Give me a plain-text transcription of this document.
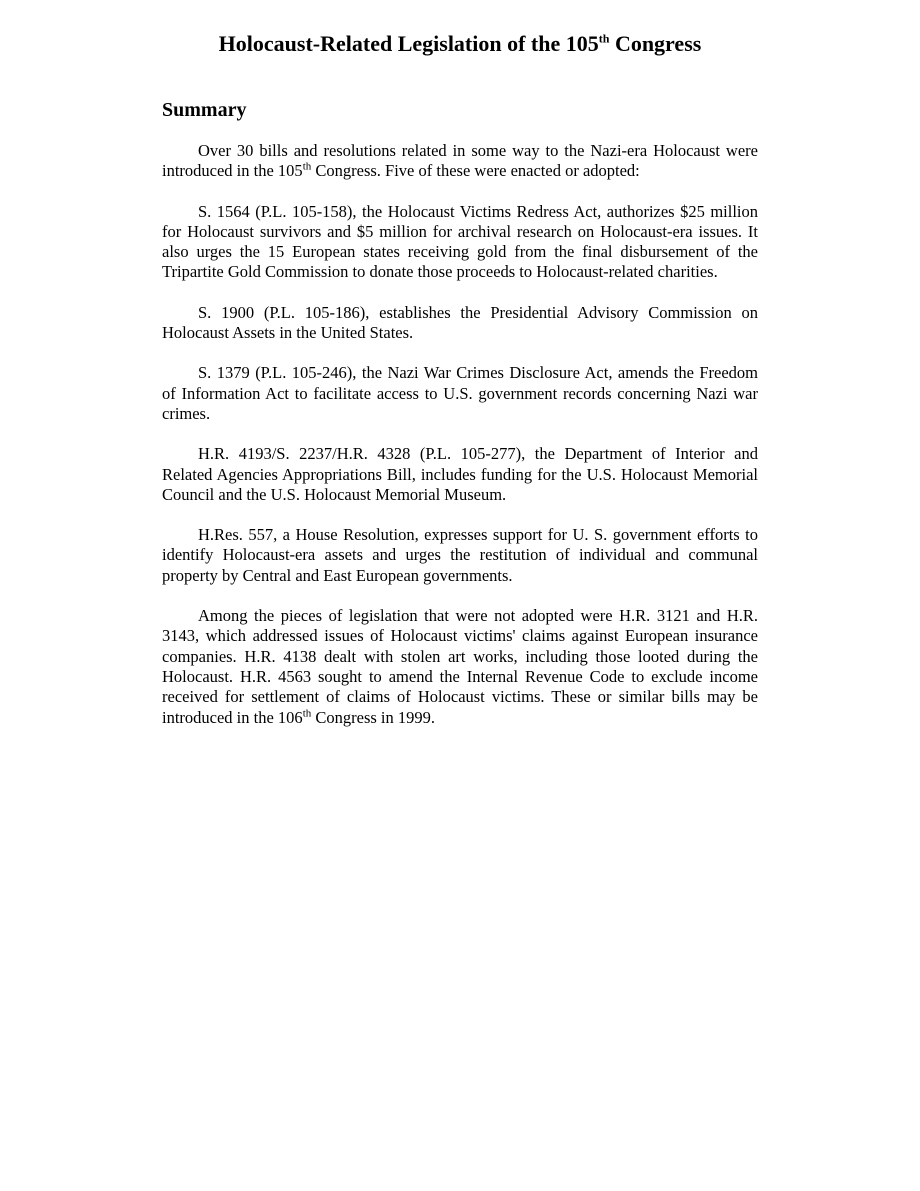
Holocaust-Related Legislation of the 105th Congress
Summary

Over 30 bills and resolutions related in some way to the Nazi-era Holocaust were introduced in the 105th Congress. Five of these were enacted or adopted:

S. 1564 (P.L. 105-158), the Holocaust Victims Redress Act, authorizes $25 million for Holocaust survivors and $5 million for archival research on Holocaust-era issues. It also urges the 15 European states receiving gold from the final disbursement of the Tripartite Gold Commission to donate those proceeds to Holocaust-related charities.

S. 1900 (P.L. 105-186), establishes the Presidential Advisory Commission on Holocaust Assets in the United States.

S. 1379 (P.L. 105-246), the Nazi War Crimes Disclosure Act, amends the Freedom of Information Act to facilitate access to U.S. government records concerning Nazi war crimes.

H.R. 4193/S. 2237/H.R. 4328 (P.L. 105-277), the Department of Interior and Related Agencies Appropriations Bill, includes funding for the U.S. Holocaust Memorial Council and the U.S. Holocaust Memorial Museum.

H.Res. 557, a House Resolution, expresses support for U. S. government efforts to identify Holocaust-era assets and urges the restitution of individual and communal property by Central and East European governments.

Among the pieces of legislation that were not adopted were H.R. 3121 and H.R. 3143, which addressed issues of Holocaust victims' claims against European insurance companies. H.R. 4138 dealt with stolen art works, including those looted during the Holocaust. H.R. 4563 sought to amend the Internal Revenue Code to exclude income received for settlement of claims of Holocaust victims. These or similar bills may be introduced in the 106th Congress in 1999.
